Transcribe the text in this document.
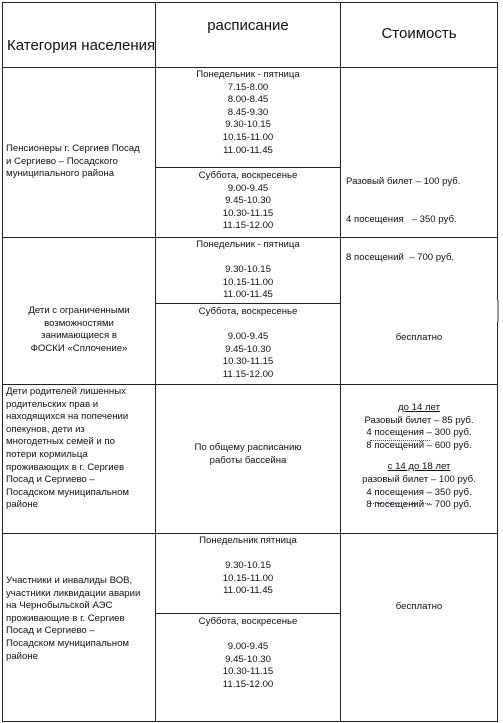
Категория населения
расписание	Стоимость
Пенсионеры г. Сергиев Посад
и Сергиево – Посадского
муниципального района
Понедельник - пятница
7.15-8.00
8.00-8.45
8.45-9.30
9.30-10.15
10.15-11.00
11.00-11.45
Суббота, воскресенье
9.00-9.45
9.45-10.30
10.30-11.15
11.15-12.00

Разовый билет – 100 руб.

4 посещения   – 350 руб.

8 посещений  – 700 руб.

Дети с ограниченными
возможностями
занимающиеся в
ФОСКИ «Сплочение»
Понедельник - пятница
9.30-10.15
10.15-11.00
11.00-11.45
Суббота, воскресенье
9.00-9.45
9.45-10.30
10.30-11.15
11.15-12.00
бесплатно
Дети родителей лишенных
родительских прав и
находящихся на попечении
опекунов, дети из
многодетных семей и по
потери кормильца
проживающих в г. Сергиев
Посад и Сергиево –
Посадском муниципальном
районе
По общему расписанию
работы бассейна
до 14 лет
Разовый билет – 85 руб.
4 посещения – 300 руб.
8 посещений – 600 руб.
с 14 до 18 лет
разовый билет – 100 руб.
4 посещения – 350 руб.
8 посещений – 700 руб.
Участники и инвалиды ВОВ,
участники ликвидации аварии
на Чернобыльской АЭС
проживающие в г. Сергиев
Посад и Сергиево –
Посадском муниципальном
районе
Понедельник пятница
9.30-10.15
10.15-11.00
11.00-11.45
Суббота, воскресенье
9.00-9.45
9.45-10.30
10.30-11.15
11.15-12.00
бесплатно
